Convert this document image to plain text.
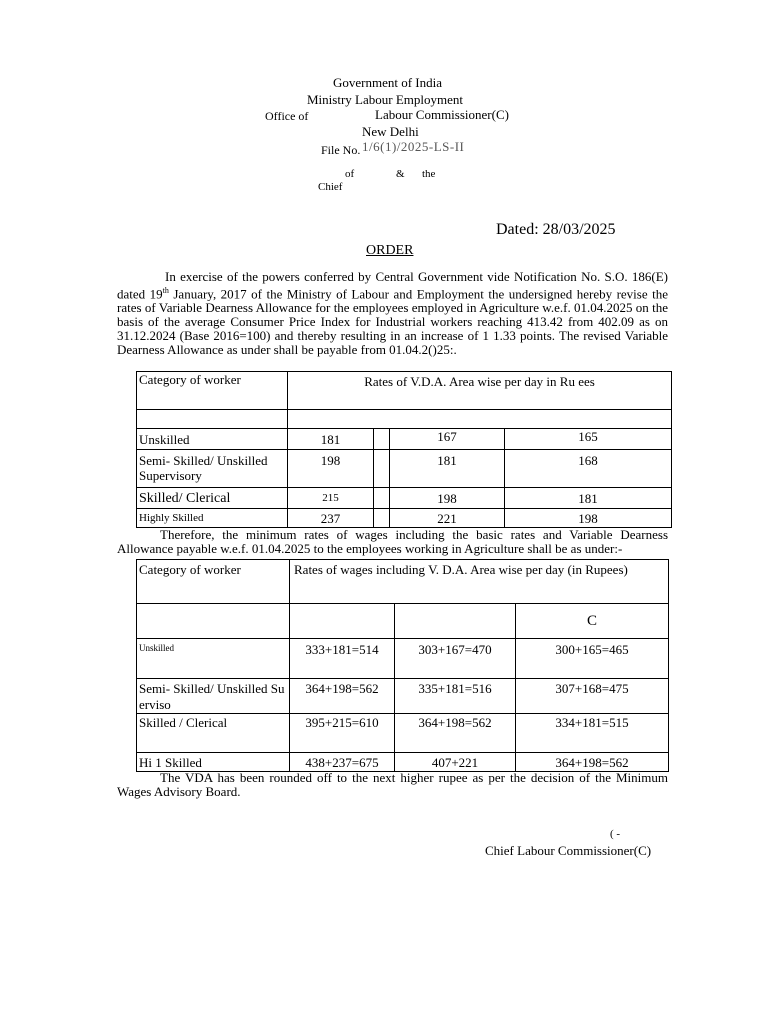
Government of India
Ministry Labour Employment
Office of	Labour Commissioner(C)
New Delhi
File No. 1/6(1)/2025-LS-II
of	& the
Chief
Dated: 28/03/2025
ORDER
In exercise of the powers conferred by Central Government vide Notification No. S.O. 186(E) dated 19th January, 2017 of the Ministry of Labour and Employment the undersigned hereby revise the rates of Variable Dearness Allowance for the employees employed in Agriculture w.e.f. 01.04.2025 on the basis of the average Consumer Price Index for Industrial workers reaching 413.42 from 402.09 as on 31.12.2024 (Base 2016=100) and thereby resulting in an increase of 1 1.33 points. The revised Variable Dearness Allowance as under shall be payable from 01.04.2()25:.
Category of worker	Rates of V.D.A. Area wise per day in Ru ees			

Unskilled	181		167	165
Semi- Skilled/ Unskilled Supervisory	198		181	168
Skilled/ Clerical	215		198	181
Highly Skilled	237		221	198
Therefore, the minimum rates of wages including the basic rates and Variable Dearness Allowance payable w.e.f. 01.04.2025 to the employees working in Agriculture shall be as under:-
Category of worker	Rates of wages including V. D.A. Area wise per day (in Rupees)		
			C
Unskilled	333+181=514	303+167=470	300+165=465
Semi- Skilled/ Unskilled Su erviso	364+198=562	335+181=516	307+168=475
Skilled / Clerical	395+215=610	364+198=562	334+181=515
Hi 1 Skilled	438+237=675	407+221	364+198=562
The VDA has been rounded off to the next higher rupee as per the decision of the Minimum Wages Advisory Board.
( -
Chief Labour Commissioner(C)
